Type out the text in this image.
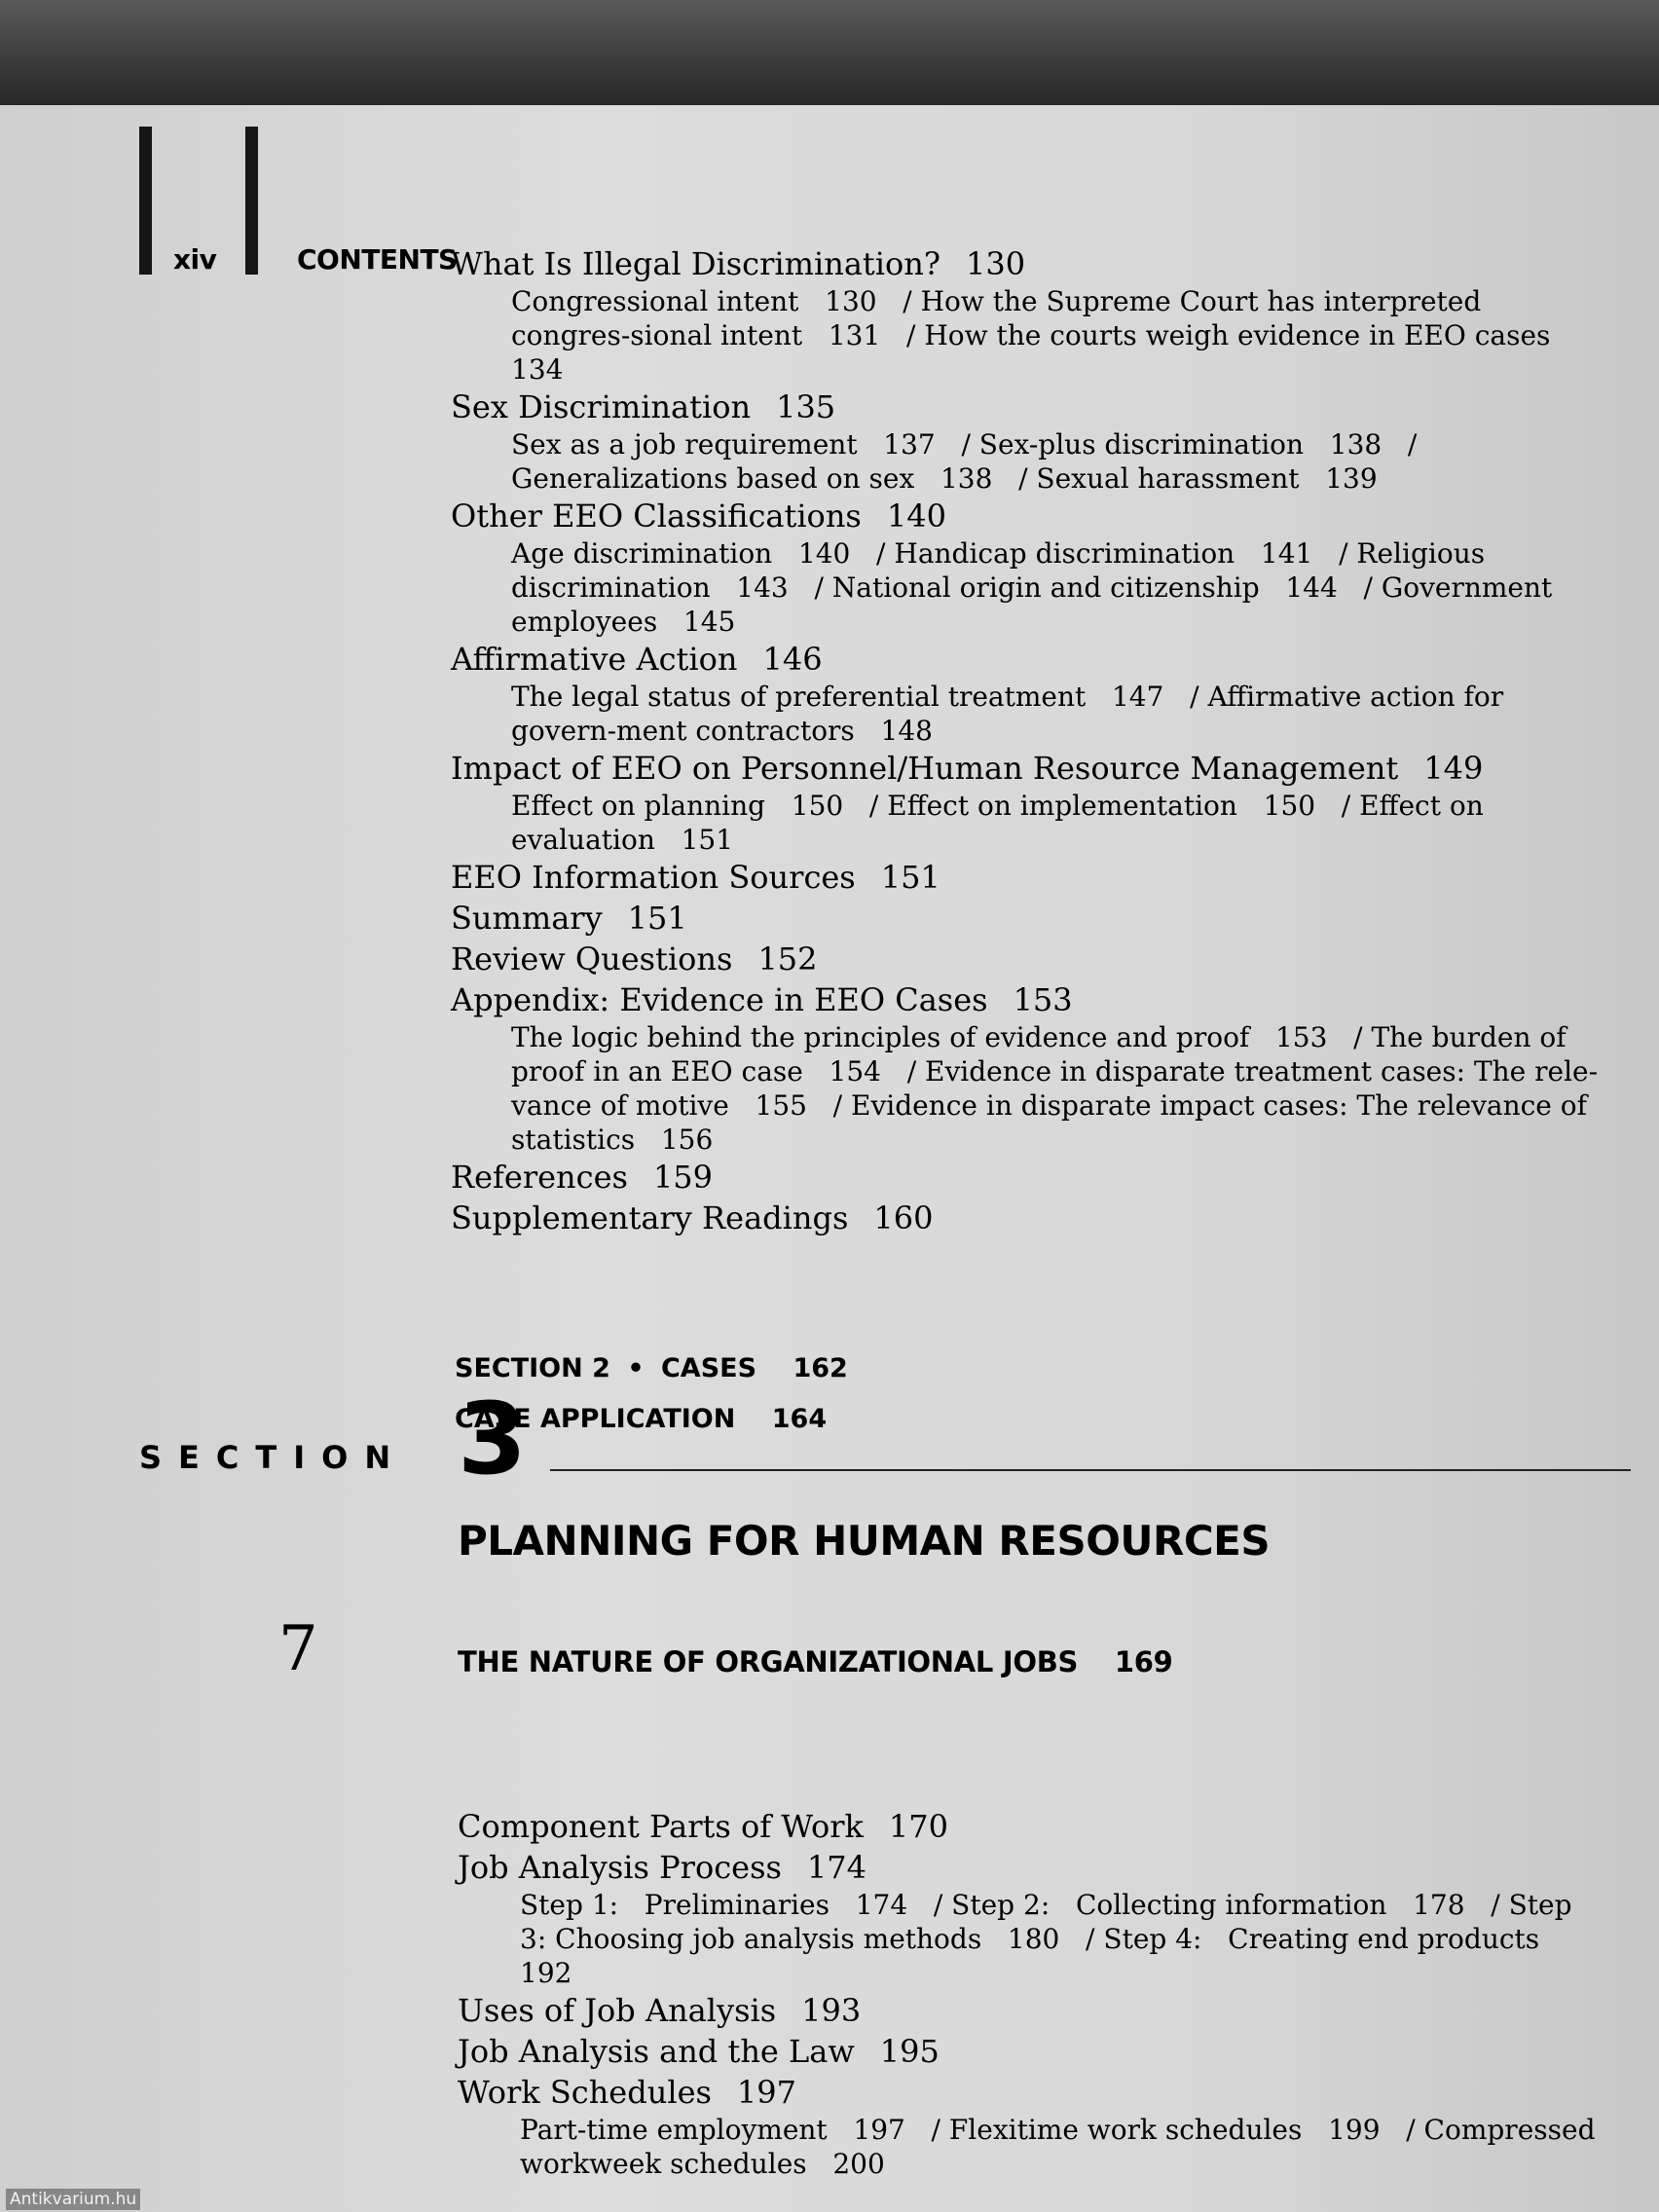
xiv	CONTENTS
What Is Illegal Discrimination? 130
Congressional intent   130   / How the Supreme Court has interpreted congres-sional intent   131   / How the courts weigh evidence in EEO cases   134
Sex Discrimination 135
Sex as a job requirement   137   / Sex-plus discrimination   138   / Generalizations based on sex   138   / Sexual harassment   139
Other EEO Classifications 140
Age discrimination   140   / Handicap discrimination   141   / Religious discrimination   143   / National origin and citizenship   144   / Government employees   145
Affirmative Action 146
The legal status of preferential treatment   147   / Affirmative action for govern-ment contractors   148
Impact of EEO on Personnel/Human Resource Management 149
Effect on planning   150   / Effect on implementation   150   / Effect on evaluation   151
EEO Information Sources 151
Summary 151
Review Questions 152
Appendix: Evidence in EEO Cases 153
The logic behind the principles of evidence and proof   153   / The burden of proof in an EEO case   154   / Evidence in disparate treatment cases: The rele-vance of motive   155   / Evidence in disparate impact cases: The relevance of statistics   156
References 159
Supplementary Readings 160
SECTION 2 • CASES 162
CASE APPLICATION 164
SECTION 3
PLANNING FOR HUMAN RESOURCES
7	THE NATURE OF ORGANIZATIONAL JOBS 169
Component Parts of Work 170
Job Analysis Process 174
Step 1:   Preliminaries   174   / Step 2:   Collecting information   178   / Step 3: Choosing job analysis methods   180   / Step 4:   Creating end products   192
Uses of Job Analysis 193
Job Analysis and the Law 195
Work Schedules 197
Part-time employment   197   / Flexitime work schedules   199   / Compressed workweek schedules   200
Antikvarium.hu
